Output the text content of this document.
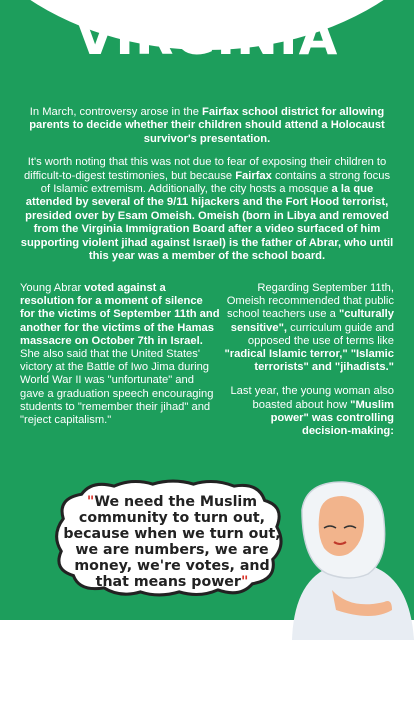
VIRGINIA

In March, controversy arose in the Fairfax school district for allowing parents to decide whether their children should attend a Holocaust survivor's presentation.

It's worth noting that this was not due to fear of exposing their children to difficult-to-digest testimonies, but because Fairfax contains a strong focus of Islamic extremism. Additionally, the city hosts a mosque a la que attended by several of the 9/11 hijackers and the Fort Hood terrorist, presided over by Esam Omeish. Omeish (born in Libya and removed from the Virginia Immigration Board after a video surfaced of him supporting violent jihad against Israel) is the father of Abrar, who until this year was a member of the school board.

Young Abrar voted against a resolution for a moment of silence for the victims of September 11th and another for the victims of the Hamas massacre on October 7th in Israel. She also said that the United States' victory at the Battle of Iwo Jima during World War II was "unfortunate" and gave a graduation speech encouraging students to "remember their jihad" and "reject capitalism."

Regarding September 11th, Omeish recommended that public school teachers use a "culturally sensitive", curriculum guide and opposed the use of terms like "radical Islamic terror," "Islamic terrorists" and "jihadists."

Last year, the young woman also boasted about how "Muslim power" was controlling decision-making:

"We need the Muslim community to turn out, because when we turn out, we are numbers, we are money, we're votes, and that means power"
And she added: "I cannot tell you ... how many times people talk about the Muslim power ... Why? Because they saw us show up! And that meant something, and now we're making decisions."
